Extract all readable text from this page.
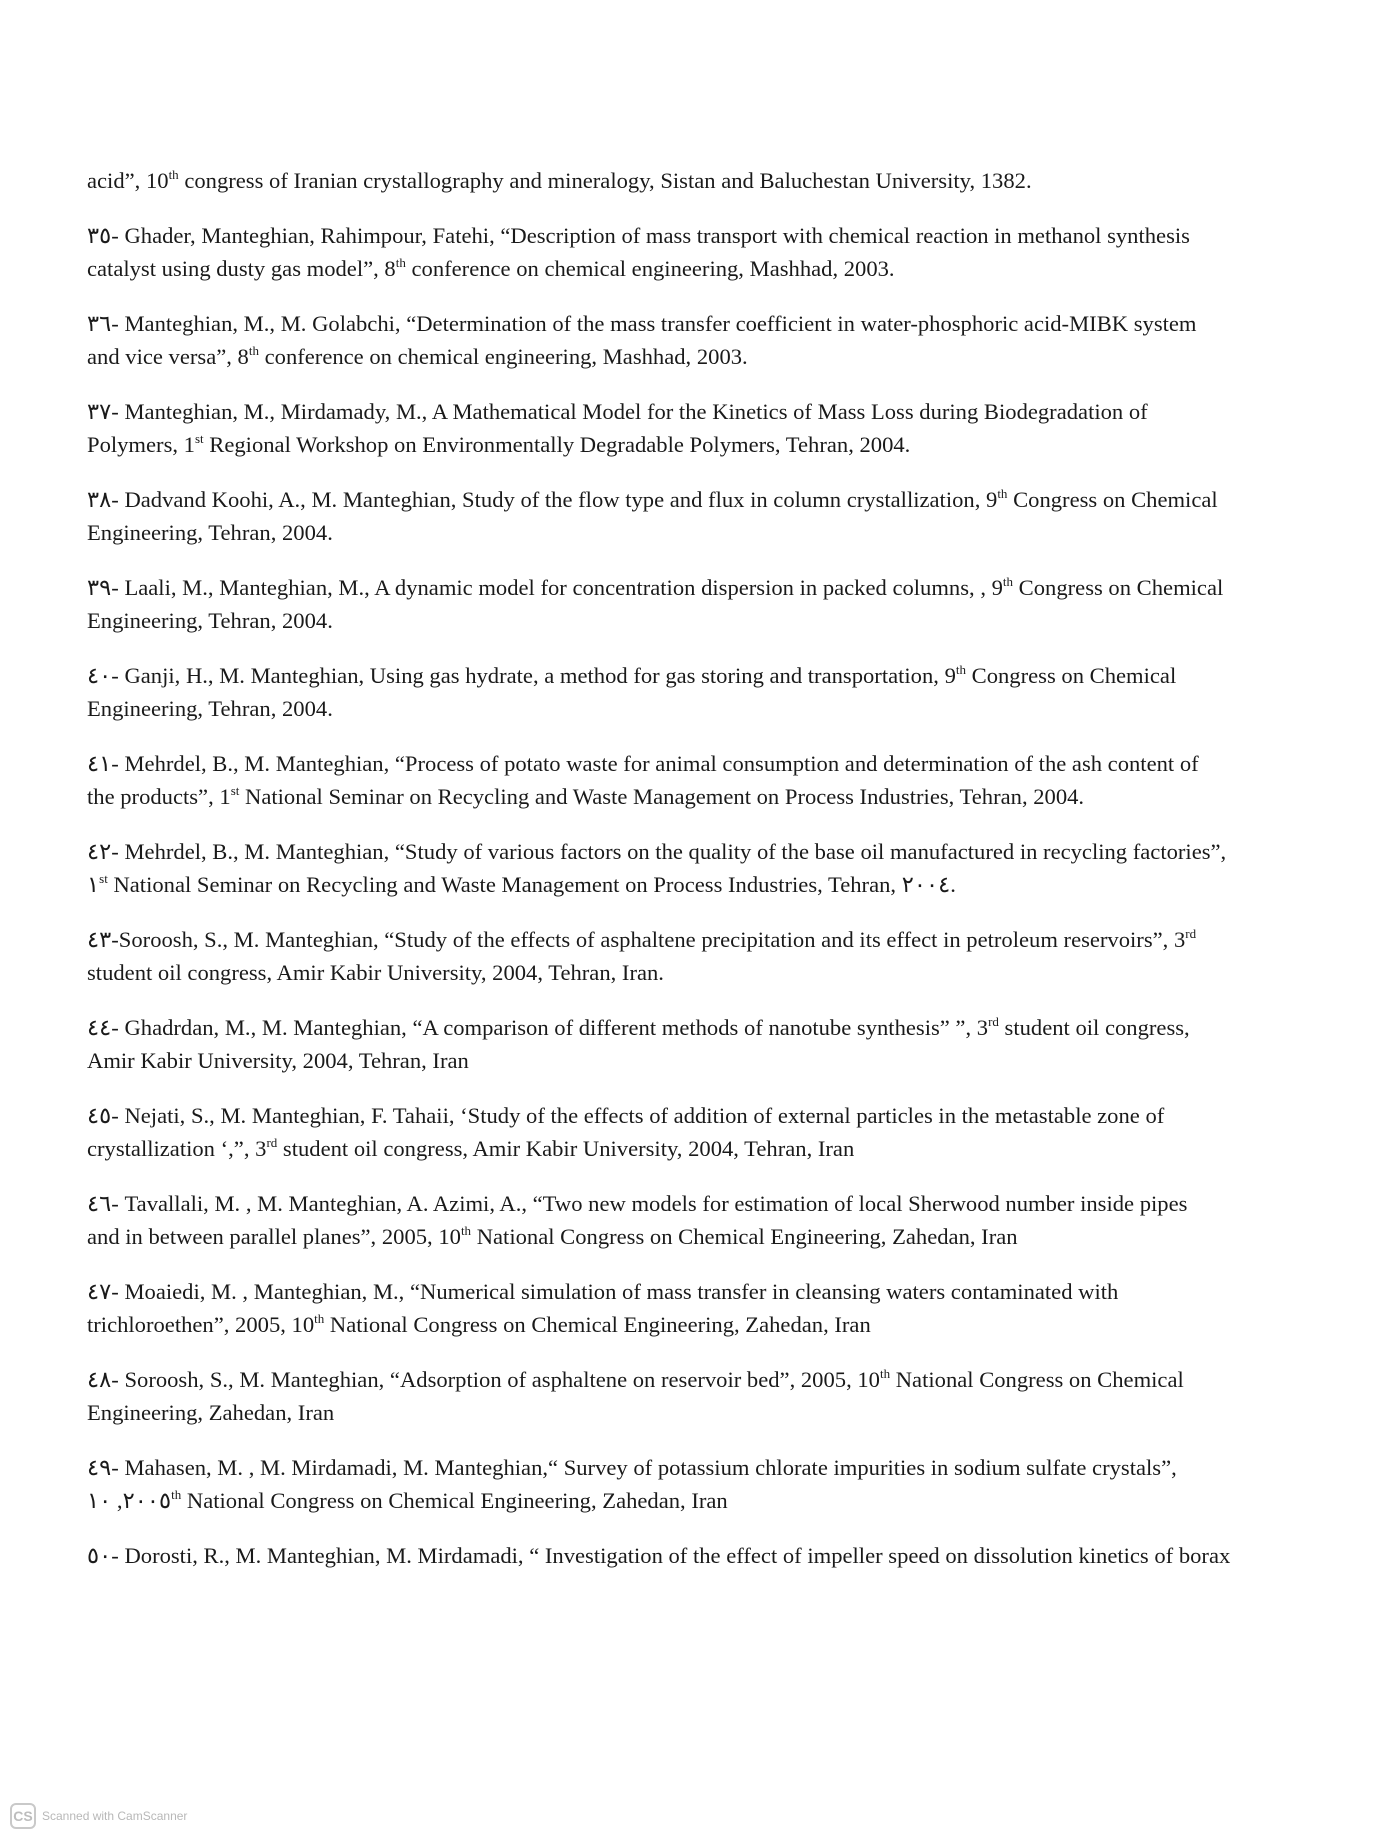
acid”, 10th congress of Iranian crystallography and mineralogy, Sistan and Baluchestan University, 1382.
٣٥- Ghader, Manteghian, Rahimpour, Fatehi, “Description of mass transport with chemical reaction in methanol synthesis
catalyst using dusty gas model”, 8th conference on chemical engineering, Mashhad, 2003.
٣٦- Manteghian, M., M. Golabchi, “Determination of the mass transfer coefficient in water-phosphoric acid-MIBK system
and vice versa”, 8th conference on chemical engineering, Mashhad, 2003.
٣٧- Manteghian, M., Mirdamady, M., A Mathematical Model for the Kinetics of Mass Loss during Biodegradation of
Polymers, 1st Regional Workshop on Environmentally Degradable Polymers, Tehran, 2004.
٣٨- Dadvand Koohi, A., M. Manteghian, Study of the flow type and flux in column crystallization, 9th Congress on Chemical
Engineering, Tehran, 2004.
٣٩- Laali, M., Manteghian, M., A dynamic model for concentration dispersion in packed columns, , 9th Congress on Chemical
Engineering, Tehran, 2004.
٤٠- Ganji, H., M. Manteghian, Using gas hydrate, a method for gas storing and transportation, 9th Congress on Chemical
Engineering, Tehran, 2004.
٤١- Mehrdel, B., M. Manteghian, “Process of potato waste for animal consumption and determination of the ash content of
the products”, 1st National Seminar on Recycling and Waste Management on Process Industries, Tehran, 2004.
٤٢- Mehrdel, B., M. Manteghian, “Study of various factors on the quality of the base oil manufactured in recycling factories”,
١st National Seminar on Recycling and Waste Management on Process Industries, Tehran, ٢٠٠٤.
٤٣-Soroosh, S., M. Manteghian, “Study of the effects of asphaltene precipitation and its effect in petroleum reservoirs”, 3rd
student oil congress, Amir Kabir University, 2004, Tehran, Iran.
٤٤- Ghadrdan, M., M. Manteghian, “A comparison of different methods of nanotube synthesis” ”, 3rd student oil congress,
Amir Kabir University, 2004, Tehran, Iran
٤٥- Nejati, S., M. Manteghian, F. Tahaii, ‘Study of the effects of addition of external particles in the metastable zone of
crystallization ‘,”, 3rd student oil congress, Amir Kabir University, 2004, Tehran, Iran
٤٦- Tavallali, M. , M. Manteghian, A. Azimi, A., “Two new models for estimation of local Sherwood number inside pipes
and in between parallel planes”, 2005, 10th National Congress on Chemical Engineering, Zahedan, Iran
٤٧- Moaiedi, M. , Manteghian, M., “Numerical simulation of mass transfer in cleansing waters contaminated with
trichloroethen”, 2005, 10th National Congress on Chemical Engineering, Zahedan, Iran
٤٨- Soroosh, S., M. Manteghian, “Adsorption of asphaltene on reservoir bed”, 2005, 10th National Congress on Chemical
Engineering, Zahedan, Iran
٤٩- Mahasen, M. , M. Mirdamadi, M. Manteghian,“ Survey of potassium chlorate impurities in sodium sulfate crystals”,
٢٠٠٥, ١٠th National Congress on Chemical Engineering, Zahedan, Iran
٥٠- Dorosti, R., M. Manteghian, M. Mirdamadi, “ Investigation of the effect of impeller speed on dissolution kinetics of borax
CS Scanned with CamScanner
